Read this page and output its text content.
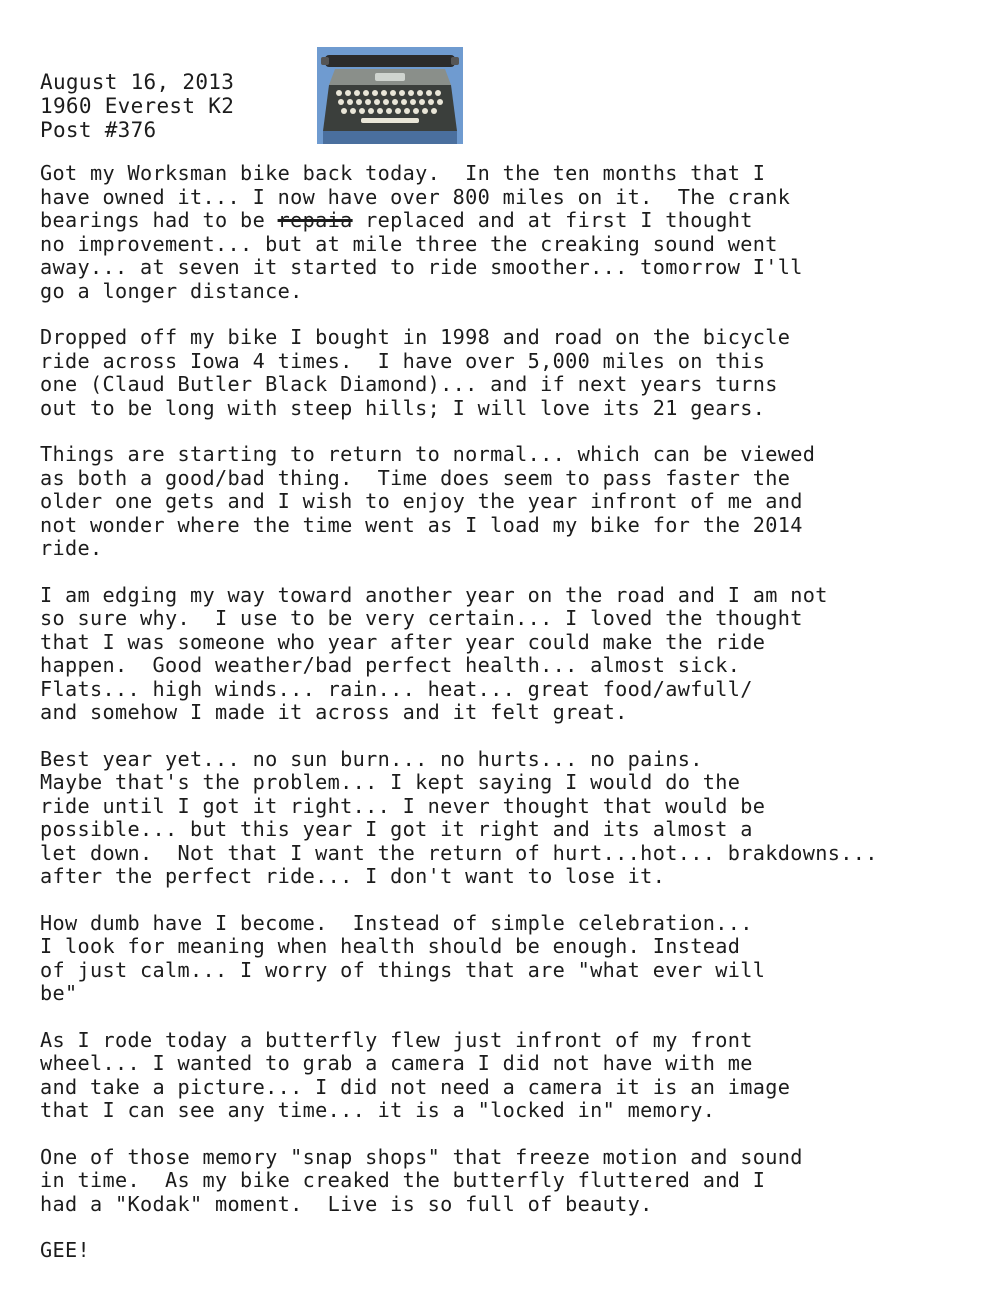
August 16, 2013
1960 Everest K2
Post #376
Got my Worksman bike back today.  In the ten months that I
have owned it... I now have over 800 miles on it.  The crank
bearings had to be repaia replaced and at first I thought
no improvement... but at mile three the creaking sound went
away... at seven it started to ride smoother... tomorrow I'll
go a longer distance.
Dropped off my bike I bought in 1998 and road on the bicycle
ride across Iowa 4 times.  I have over 5,000 miles on this
one (Claud Butler Black Diamond)... and if next years turns
out to be long with steep hills; I will love its 21 gears.
Things are starting to return to normal... which can be viewed
as both a good/bad thing.  Time does seem to pass faster the
older one gets and I wish to enjoy the year infront of me and
not wonder where the time went as I load my bike for the 2014
ride.
I am edging my way toward another year on the road and I am not
so sure why.  I use to be very certain... I loved the thought
that I was someone who year after year could make the ride
happen.  Good weather/bad perfect health... almost sick.
Flats... high winds... rain... heat... great food/awfull/
and somehow I made it across and it felt great.
Best year yet... no sun burn... no hurts... no pains.
Maybe that's the problem... I kept saying I would do the
ride until I got it right... I never thought that would be
possible... but this year I got it right and its almost a
let down.  Not that I want the return of hurt...hot... brakdowns...
after the perfect ride... I don't want to lose it.
How dumb have I become.  Instead of simple celebration...
I look for meaning when health should be enough. Instead
of just calm... I worry of things that are "what ever will
be"
As I rode today a butterfly flew just infront of my front
wheel... I wanted to grab a camera I did not have with me
and take a picture... I did not need a camera it is an image
that I can see any time... it is a "locked in" memory.
One of those memory "snap shops" that freeze motion and sound
in time.  As my bike creaked the butterfly fluttered and I
had a "Kodak" moment.  Live is so full of beauty.
GEE!
